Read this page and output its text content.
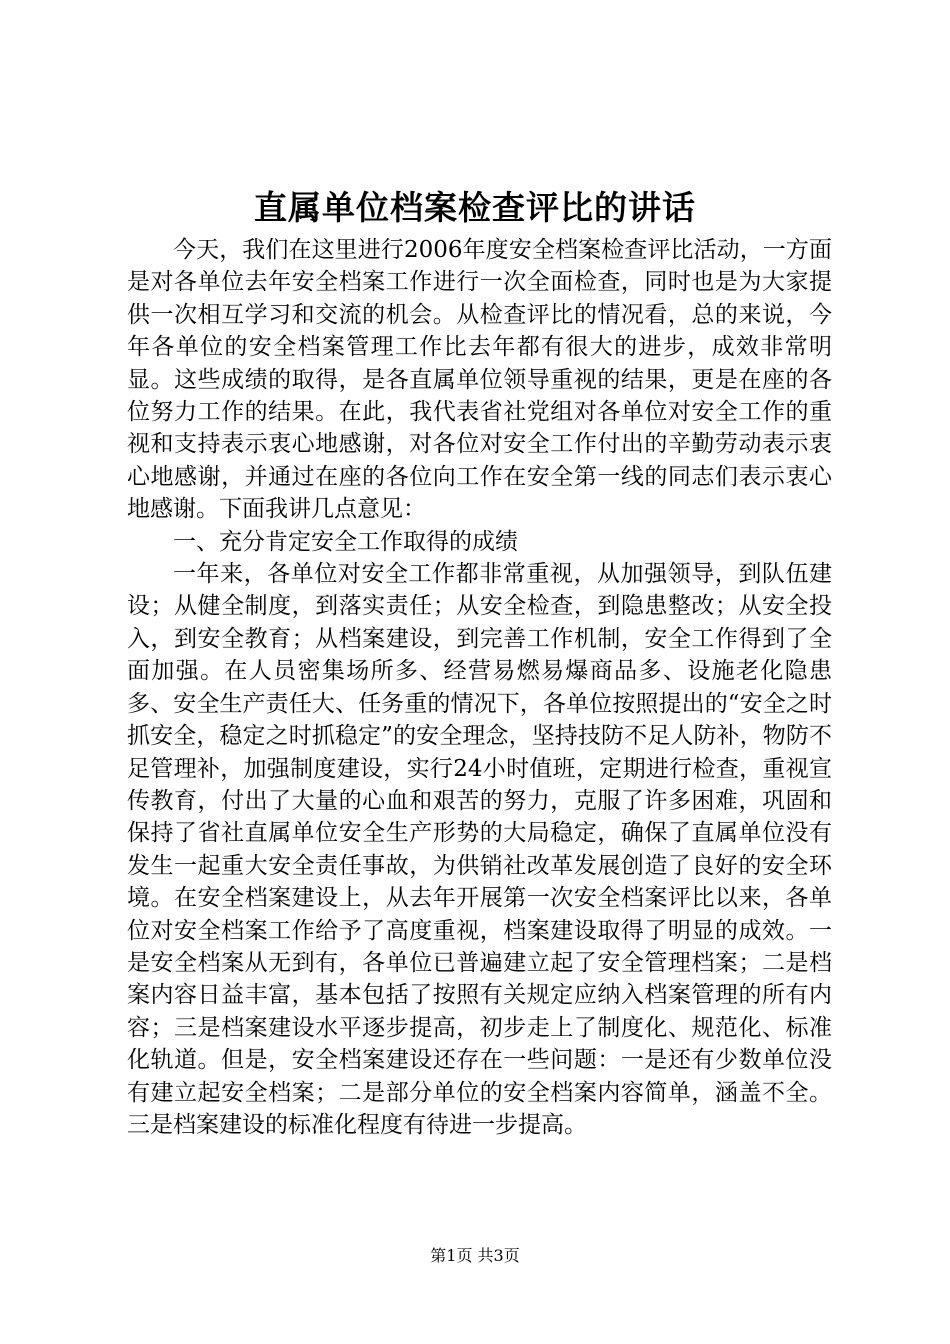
直属单位档案检查评比的讲话

今天，我们在这里进行2006年度安全档案检查评比活动，一方面是对各单位去年安全档案工作进行一次全面检查，同时也是为大家提供一次相互学习和交流的机会。从检查评比的情况看，总的来说，今年各单位的安全档案管理工作比去年都有很大的进步，成效非常明显。这些成绩的取得，是各直属单位领导重视的结果，更是在座的各位努力工作的结果。在此，我代表省社党组对各单位对安全工作的重视和支持表示衷心地感谢，对各位对安全工作付出的辛勤劳动表示衷心地感谢，并通过在座的各位向工作在安全第一线的同志们表示衷心地感谢。下面我讲几点意见：

一、充分肯定安全工作取得的成绩

一年来，各单位对安全工作都非常重视，从加强领导，到队伍建设；从健全制度，到落实责任；从安全检查，到隐患整改；从安全投入，到安全教育；从档案建设，到完善工作机制，安全工作得到了全面加强。在人员密集场所多、经营易燃易爆商品多、设施老化隐患多、安全生产责任大、任务重的情况下，各单位按照提出的“安全之时抓安全，稳定之时抓稳定”的安全理念，坚持技防不足人防补，物防不足管理补，加强制度建设，实行24小时值班，定期进行检查，重视宣传教育，付出了大量的心血和艰苦的努力，克服了许多困难，巩固和保持了省社直属单位安全生产形势的大局稳定，确保了直属单位没有发生一起重大安全责任事故，为供销社改革发展创造了良好的安全环境。在安全档案建设上，从去年开展第一次安全档案评比以来，各单位对安全档案工作给予了高度重视，档案建设取得了明显的成效。一是安全档案从无到有，各单位已普遍建立起了安全管理档案；二是档案内容日益丰富，基本包括了按照有关规定应纳入档案管理的所有内容；三是档案建设水平逐步提高，初步走上了制度化、规范化、标准化轨道。但是，安全档案建设还存在一些问题：一是还有少数单位没有建立起安全档案；二是部分单位的安全档案内容简单，涵盖不全。三是档案建设的标准化程度有待进一步提高。

第1页 共3页
